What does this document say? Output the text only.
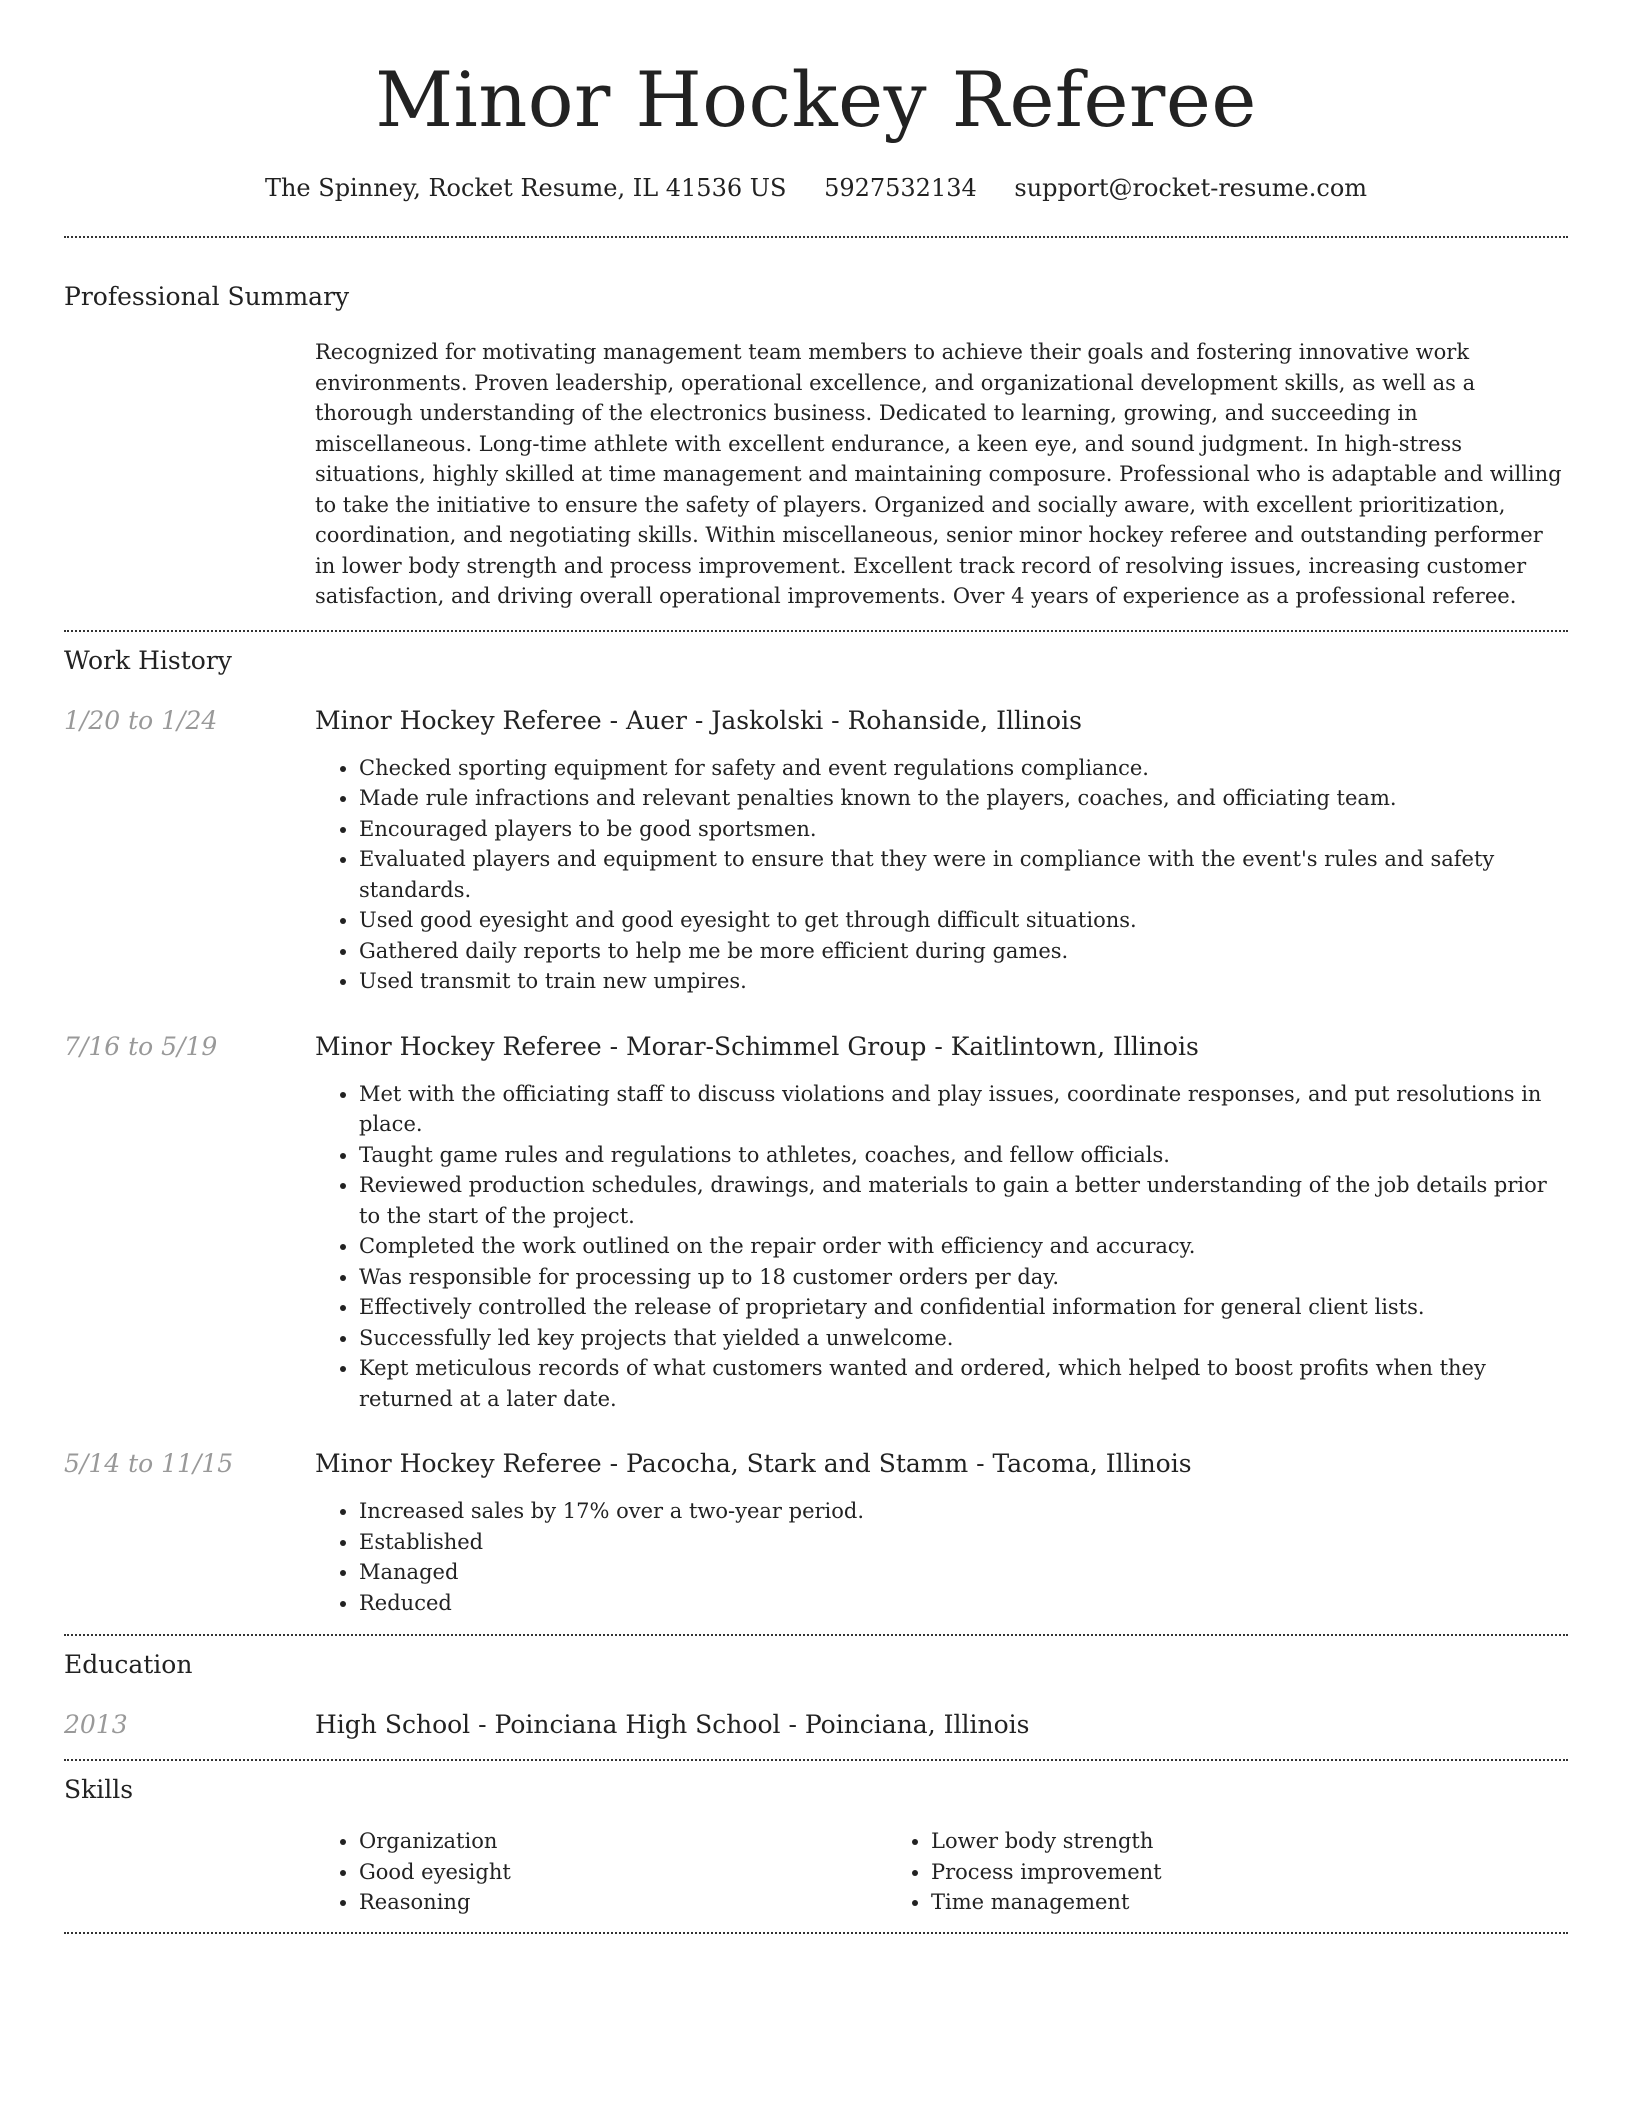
Minor Hockey Referee
The Spinney, Rocket Resume, IL 41536 US 5927532134 support@rocket-resume.com
Professional Summary

Recognized for motivating management team members to achieve their goals and fostering innovative work environments. Proven leadership, operational excellence, and organizational development skills, as well as a thorough understanding of the electronics business. Dedicated to learning, growing, and succeeding in miscellaneous. Long-time athlete with excellent endurance, a keen eye, and sound judgment. In high-stress situations, highly skilled at time management and maintaining composure. Professional who is adaptable and willing to take the initiative to ensure the safety of players. Organized and socially aware, with excellent prioritization, coordination, and negotiating skills. Within miscellaneous, senior minor hockey referee and outstanding performer in lower body strength and process improvement. Excellent track record of resolving issues, increasing customer satisfaction, and driving overall operational improvements. Over 4 years of experience as a professional referee.

Work History
1/20 to 1/24	Minor Hockey Referee - Auer - Jaskolski - Rohanside, Illinois
• Checked sporting equipment for safety and event regulations compliance.
• Made rule infractions and relevant penalties known to the players, coaches, and officiating team.
• Encouraged players to be good sportsmen.
• Evaluated players and equipment to ensure that they were in compliance with the event's rules and safety standards.
• Used good eyesight and good eyesight to get through difficult situations.
• Gathered daily reports to help me be more efficient during games.
• Used transmit to train new umpires.
7/16 to 5/19	Minor Hockey Referee - Morar-Schimmel Group - Kaitlintown, Illinois
• Met with the officiating staff to discuss violations and play issues, coordinate responses, and put resolutions in place.
• Taught game rules and regulations to athletes, coaches, and fellow officials.
• Reviewed production schedules, drawings, and materials to gain a better understanding of the job details prior to the start of the project.
• Completed the work outlined on the repair order with efficiency and accuracy.
• Was responsible for processing up to 18 customer orders per day.
• Effectively controlled the release of proprietary and confidential information for general client lists.
• Successfully led key projects that yielded a unwelcome.
• Kept meticulous records of what customers wanted and ordered, which helped to boost profits when they returned at a later date.
5/14 to 11/15	Minor Hockey Referee - Pacocha, Stark and Stamm - Tacoma, Illinois
• Increased sales by 17% over a two-year period.
• Established
• Managed
• Reduced
Education
2013	High School - Poinciana High School - Poinciana, Illinois
Skills
• Organization
• Good eyesight
• Reasoning
• Lower body strength
• Process improvement
• Time management
